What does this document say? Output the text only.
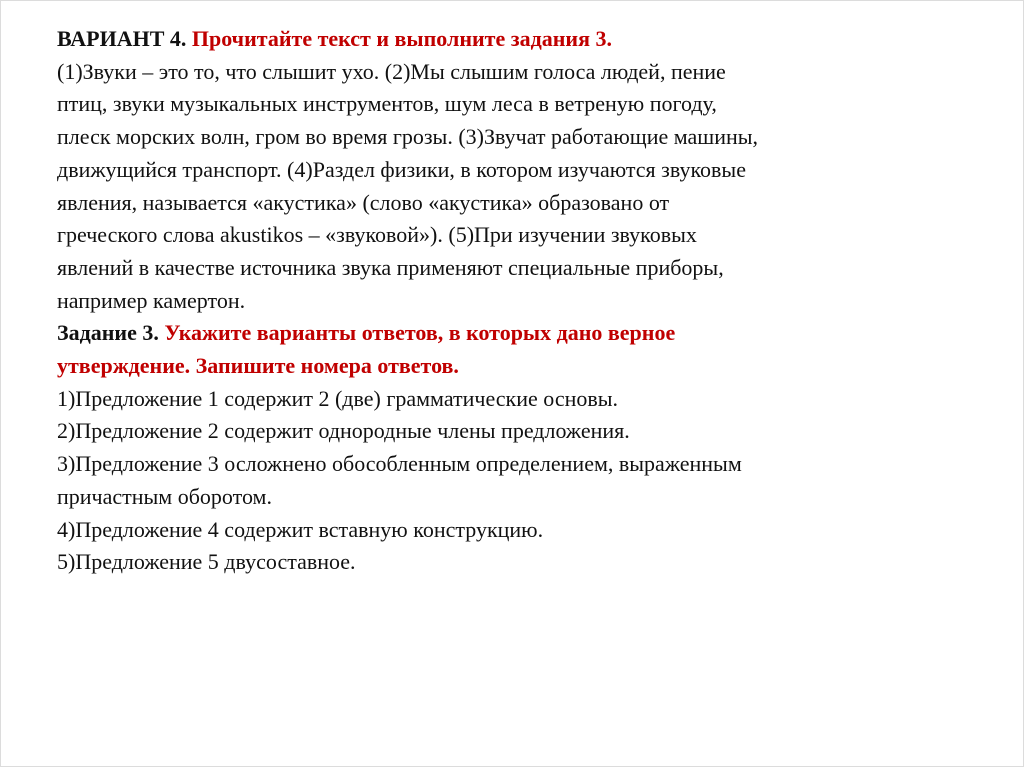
ВАРИАНТ 4. Прочитайте текст и выполните задания 3.
(1)Звуки – это то, что слышит ухо. (2)Мы слышим голоса людей, пение
птиц, звуки музыкальных инструментов, шум леса в ветреную погоду,
плеск морских волн, гром во время грозы. (3)Звучат работающие машины,
движущийся транспорт. (4)Раздел физики, в котором изучаются звуковые
явления, называется «акустика» (слово «акустика» образовано от
греческого слова akustikos – «звуковой»). (5)При изучении звуковых
явлений в качестве источника звука применяют специальные приборы,
например камертон.
Задание 3. Укажите варианты ответов, в которых дано верное
утверждение. Запишите номера ответов.
1)Предложение 1 содержит 2 (две) грамматические основы.
2)Предложение 2 содержит однородные члены предложения.
3)Предложение 3 осложнено обособленным определением, выраженным
причастным оборотом.
4)Предложение 4 содержит вставную конструкцию.
5)Предложение 5 двусоставное.
